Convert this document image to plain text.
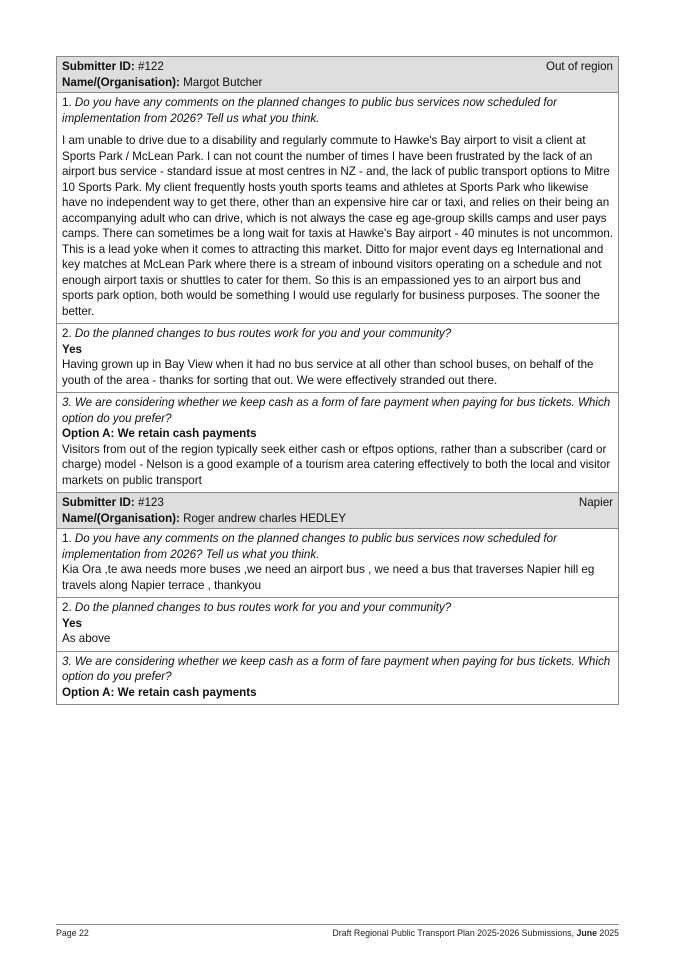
Submitter ID: #122	Out of region
Name/(Organisation): Margot Butcher
1. Do you have any comments on the planned changes to public bus services now scheduled for implementation from 2026? Tell us what you think.
I am unable to drive due to a disability and regularly commute to Hawke's Bay airport to visit a client at Sports Park / McLean Park. I can not count the number of times I have been frustrated by the lack of an airport bus service - standard issue at most centres in NZ - and, the lack of public transport options to Mitre 10 Sports Park. My client frequently hosts youth sports teams and athletes at Sports Park who likewise have no independent way to get there, other than an expensive hire car or taxi, and relies on their being an accompanying adult who can drive, which is not always the case eg age-group skills camps and user pays camps. There can sometimes be a long wait for taxis at Hawke's Bay airport - 40 minutes is not uncommon. This is a lead yoke when it comes to attracting this market. Ditto for major event days eg International and key matches at McLean Park where there is a stream of inbound visitors operating on a schedule and not enough airport taxis or shuttles to cater for them. So this is an empassioned yes to an airport bus and sports park option, both would be something I would use regularly for business purposes. The sooner the better.
2. Do the planned changes to bus routes work for you and your community?
Yes
Having grown up in Bay View when it had no bus service at all other than school buses, on behalf of the youth of the area - thanks for sorting that out. We were effectively stranded out there.
3. We are considering whether we keep cash as a form of fare payment when paying for bus tickets. Which option do you prefer?
Option A: We retain cash payments
Visitors from out of the region typically seek either cash or eftpos options, rather than a subscriber (card or charge) model - Nelson is a good example of a tourism area catering effectively to both the local and visitor markets on public transport
Submitter ID: #123	Napier
Name/(Organisation): Roger andrew charles HEDLEY
1. Do you have any comments on the planned changes to public bus services now scheduled for implementation from 2026? Tell us what you think.
Kia Ora ,te awa needs more buses ,we need an airport bus , we need a bus that traverses Napier hill eg travels along Napier terrace , thankyou
2. Do the planned changes to bus routes work for you and your community?
Yes
As above
3. We are considering whether we keep cash as a form of fare payment when paying for bus tickets. Which option do you prefer?
Option A: We retain cash payments
Page 22	Draft Regional Public Transport Plan 2025-2026 Submissions, June 2025
